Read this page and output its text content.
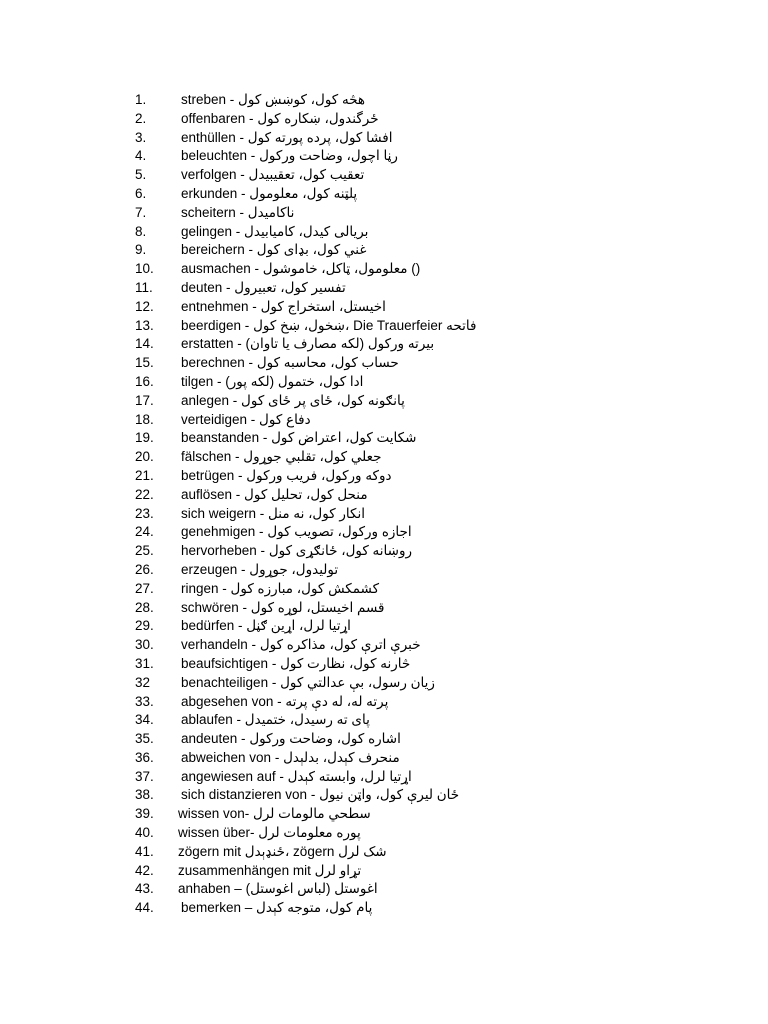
1.	streben - هڅه کول، کوښښ کول
2.	offenbaren - ځرگندول، ښکاره کول
3.	enthüllen - افشا کول، پرده پورته کول
4.	beleuchten - رڼا اچول، وضاحت ورکول
5.	verfolgen - تعقیب کول، تعقیبیدل
6.	erkunden - پلټنه کول، معلومول
7.	scheitern - ناکامیدل
8.	gelingen - بریالی کیدل، کامیابیدل
9.	bereichern - غني کول، بډای کول
10. ausmachen - معلومول، ټاکل، خاموشول ()
11. deuten - تفسیر کول، تعبیرول
12. entnehmen - اخیستل، استخراج کول
13. beerdigen - ښخول، ښخ کول، Die Trauerfeier فاتحه
14. erstatten - بیرته ورکول (لکه مصارف یا تاوان)
15. berechnen - حساب کول، محاسبه کول
16. tilgen - ادا کول، ختمول (لکه پور)
17. anlegen - پانګونه کول، ځای پر ځای کول
18. verteidigen - دفاع کول
19. beanstanden - شکایت کول، اعتراض کول
20. fälschen - جعلي کول، تقلبي جوړول
21. betrügen - دوکه ورکول، فریب ورکول
22. auflösen - منحل کول، تحلیل کول
23. sich weigern - انکار کول، نه منل
24. genehmigen - اجازه ورکول، تصویب کول
25. hervorheben - روښانه کول، ځانګړی کول
26. erzeugen - تولیدول، جوړول
27. ringen - کشمکش کول، مبارزه کول
28. schwören - قسم اخیستل، لوړه کول
29. bedürfen - اړتیا لرل، اړین ګڼل
30. verhandeln - خبرې اترې کول، مذاکره کول
31. beaufsichtigen - څارنه کول، نظارت کول
32 benachteiligen - زیان رسول، بې عدالتي کول
33. abgesehen von - پرته له، له دې پرته
34. ablaufen - پای ته رسیدل، ختمیدل
35. andeuten - اشاره کول، وضاحت ورکول
36. abweichen von - منحرف کېدل، بدلېدل
37. angewiesen auf - اړتیا لرل، وابسته کېدل
38. sich distanzieren von - ځان لیرې کول، واټن نیول
39. wissen von- سطحي مالومات لرل
40. wissen über- پوره معلومات لرل
41. zögern mit ځنډېدل، zögern شک لرل
42. zusammenhängen mit تړاو لرل
43. anhaben – اغوستل (لباس اغوستل)
44. bemerken – پام کول، متوجه کېدل
